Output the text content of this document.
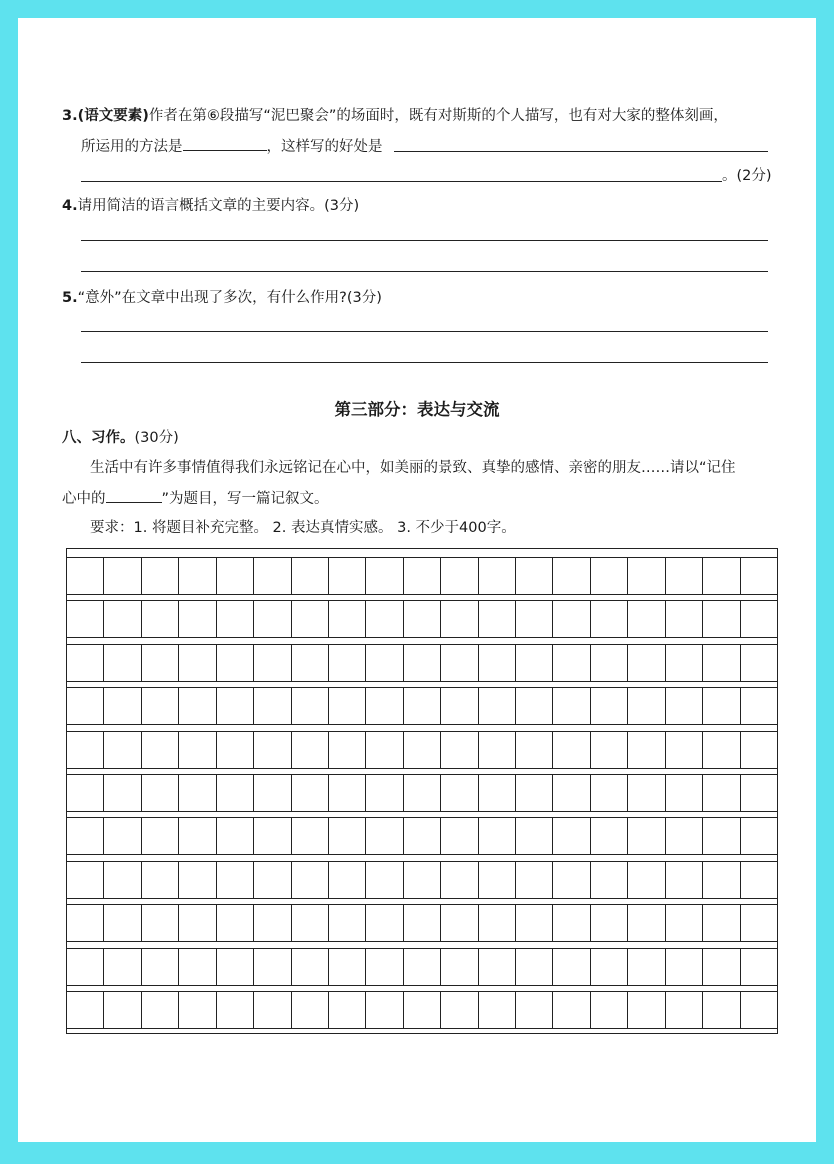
3.(语文要素)作者在第⑥段描写“泥巴聚会”的场面时，既有对斯斯的个人描写，也有对大家的整体刻画，
所运用的方法是	，这样写的好处是
。(2分)
4.请用简洁的语言概括文章的主要内容。(3分)
5.“意外”在文章中出现了多次，有什么作用?(3分)
第三部分：表达与交流
八、习作。(30分)
生活中有许多事情值得我们永远铭记在心中，如美丽的景致、真挚的感情、亲密的朋友……请以“记住
心中的	”为题目，写一篇记叙文。
要求：1. 将题目补充完整。 2. 表达真情实感。 3. 不少于400字。
